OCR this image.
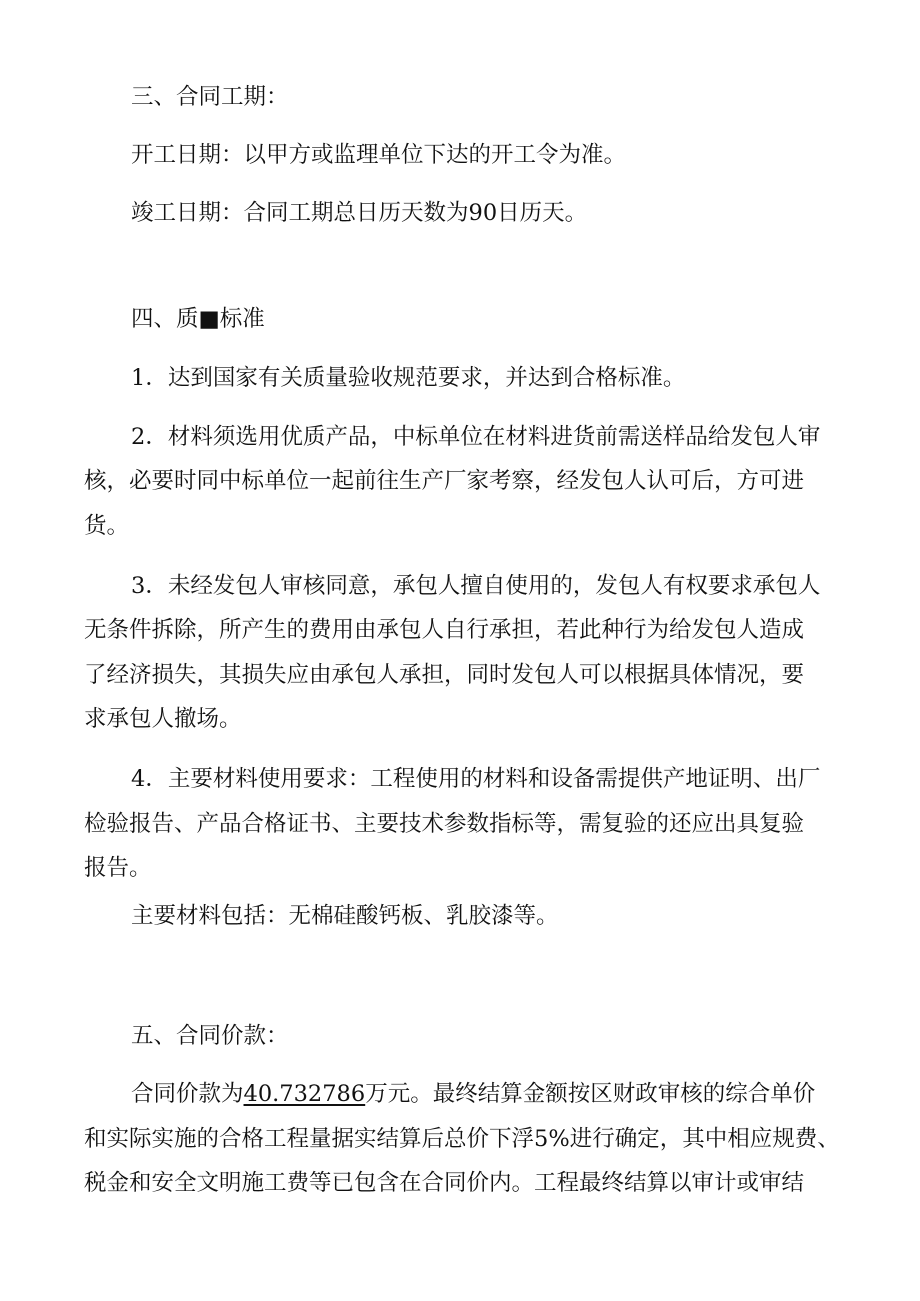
三、合同工期：
开工日期：以甲方或监理单位下达的开工令为准。
竣工日期：合同工期总日历天数为90日历天。
四、质■标准
1．达到国家有关质量验收规范要求，并达到合格标准。
2．材料须选用优质产品，中标单位在材料进货前需送样品给发包人审
核，必要时同中标单位一起前往生产厂家考察，经发包人认可后，方可进
货。
3．未经发包人审核同意，承包人擅自使用的，发包人有权要求承包人
无条件拆除，所产生的费用由承包人自行承担，若此种行为给发包人造成
了经济损失，其损失应由承包人承担，同时发包人可以根据具体情况，要
求承包人撤场。
4．主要材料使用要求：工程使用的材料和设备需提供产地证明、出厂
检验报告、产品合格证书、主要技术参数指标等，需复验的还应出具复验
报告。
主要材料包括：无棉硅酸钙板、乳胶漆等。
五、合同价款：
合同价款为40.732786万元。最终结算金额按区财政审核的综合单价
和实际实施的合格工程量据实结算后总价下浮5%进行确定，其中相应规费、
税金和安全文明施工费等已包含在合同价内。工程最终结算以审计或审结
